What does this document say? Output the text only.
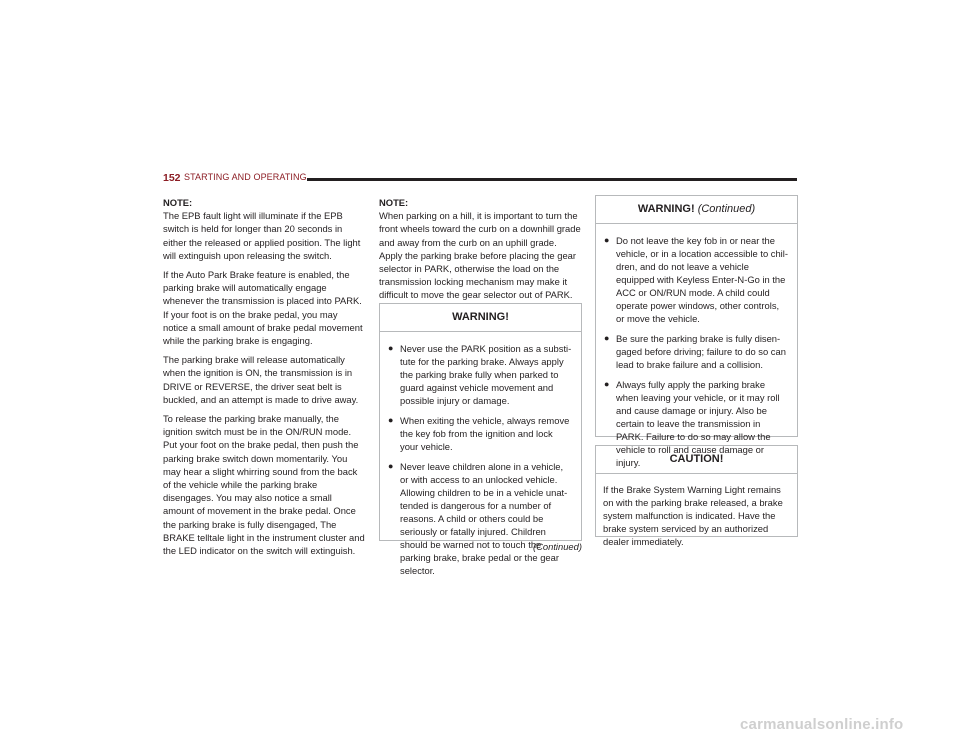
152 STARTING AND OPERATING

NOTE:
The EPB fault light will illuminate if the EPB switch is held for longer than 20 seconds in either the released or applied position. The light will extinguish upon releasing the switch.

If the Auto Park Brake feature is enabled, the parking brake will automatically engage whenever the transmission is placed into PARK. If your foot is on the brake pedal, you may notice a small amount of brake pedal movement while the parking brake is engaging.

The parking brake will release automatically when the ignition is ON, the transmission is in DRIVE or REVERSE, the driver seat belt is buckled, and an attempt is made to drive away.

To release the parking brake manually, the ignition switch must be in the ON/RUN mode. Put your foot on the brake pedal, then push the parking brake switch down momentarily. You may hear a slight whirring sound from the back of the vehicle while the parking brake disengages. You may also notice a small amount of movement in the brake pedal. Once the parking brake is fully disengaged, The BRAKE telltale light in the instrument cluster and the LED indicator on the switch will extinguish.

NOTE:
When parking on a hill, it is important to turn the front wheels toward the curb on a downhill grade and away from the curb on an uphill grade. Apply the parking brake before placing the gear selector in PARK, otherwise the load on the transmission locking mechanism may make it difficult to move the gear selector out of PARK.

WARNING!
● Never use the PARK position as a substi-tute for the parking brake. Always apply the parking brake fully when parked to guard against vehicle movement and possible injury or damage.
● When exiting the vehicle, always remove the key fob from the ignition and lock your vehicle.
● Never leave children alone in a vehicle, or with access to an unlocked vehicle. Allowing children to be in a vehicle unat-tended is dangerous for a number of reasons. A child or others could be seriously or fatally injured. Children should be warned not to touch the parking brake, brake pedal or the gear selector.
(Continued)
WARNING! (Continued)
● Do not leave the key fob in or near the vehicle, or in a location accessible to chil-dren, and do not leave a vehicle equipped with Keyless Enter-N-Go in the ACC or ON/RUN mode. A child could operate power windows, other controls, or move the vehicle.
● Be sure the parking brake is fully disen-gaged before driving; failure to do so can lead to brake failure and a collision.
● Always fully apply the parking brake when leaving your vehicle, or it may roll and cause damage or injury. Also be certain to leave the transmission in PARK. Failure to do so may allow the vehicle to roll and cause damage or injury.	CAUTION!
If the Brake System Warning Light remains on with the parking brake released, a brake system malfunction is indicated. Have the brake system serviced by an authorized dealer immediately.
carmanualsonline.info
